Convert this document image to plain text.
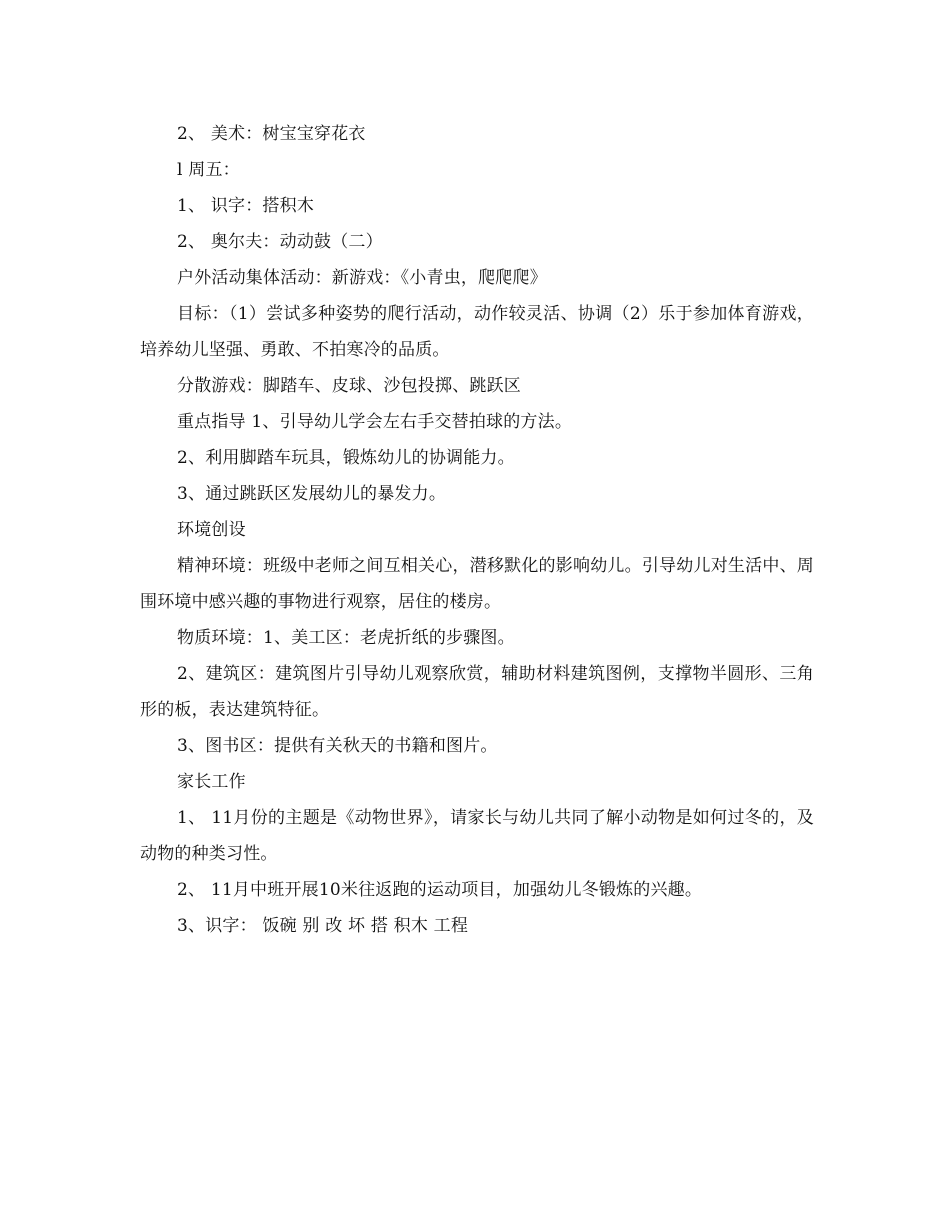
2、 美术：树宝宝穿花衣

l 周五：

1、 识字：搭积木

2、 奥尔夫：动动鼓（二）

户外活动集体活动：新游戏：《小青虫，爬爬爬》

目标：（1）尝试多种姿势的爬行活动，动作较灵活、协调（2）乐于参加体育游戏，培养幼儿坚强、勇敢、不拍寒冷的品质。

分散游戏：脚踏车、皮球、沙包投掷、跳跃区

重点指导 1、引导幼儿学会左右手交替拍球的方法。

2、利用脚踏车玩具，锻炼幼儿的协调能力。

3、通过跳跃区发展幼儿的暴发力。

环境创设

精神环境：班级中老师之间互相关心，潜移默化的影响幼儿。引导幼儿对生活中、周围环境中感兴趣的事物进行观察，居住的楼房。

物质环境：1、美工区：老虎折纸的步骤图。

2、建筑区：建筑图片引导幼儿观察欣赏，辅助材料建筑图例，支撑物半圆形、三角形的板，表达建筑特征。

3、图书区：提供有关秋天的书籍和图片。

家长工作

1、 11月份的主题是《动物世界》，请家长与幼儿共同了解小动物是如何过冬的，及动物的种类习性。

2、 11月中班开展10米往返跑的运动项目，加强幼儿冬锻炼的兴趣。

3、识字： 饭碗 别 改 坏 搭 积木 工程
